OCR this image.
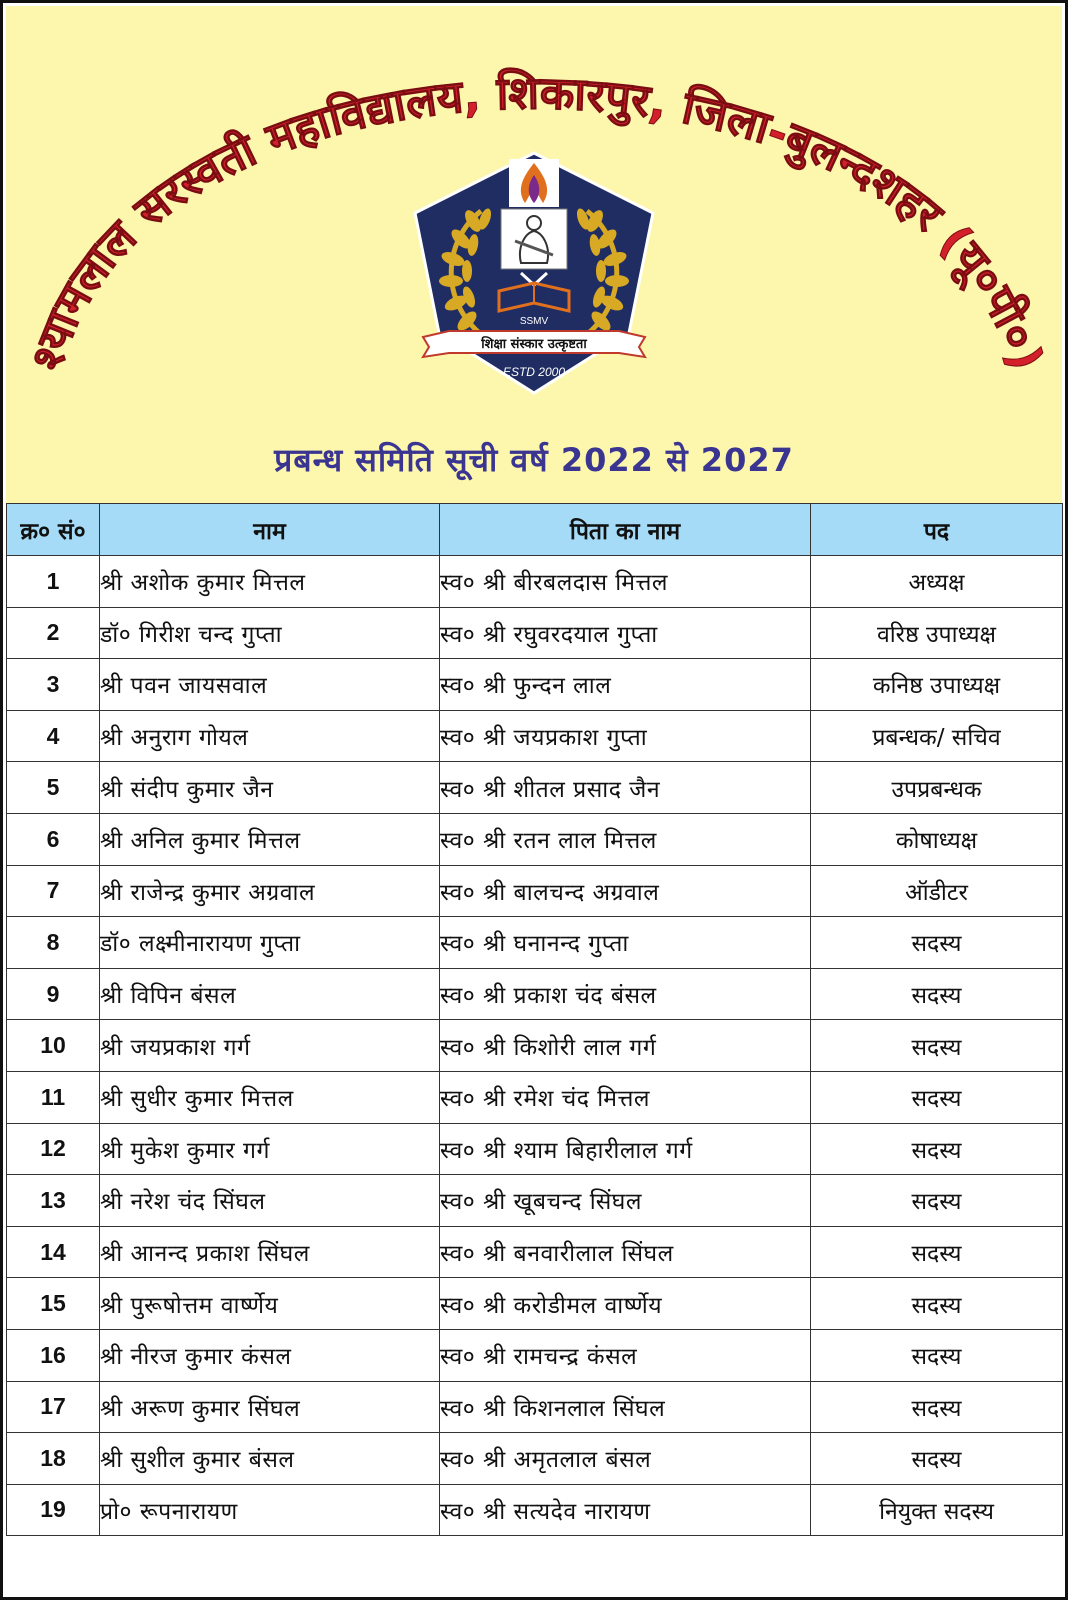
श्यामलाल सरस्वती महाविद्यालय, शिकारपुर, जिला-बुलन्दशहर (यू०पी०)
SSMV
शिक्षा संस्कार उत्कृष्टता
ESTD 2000
प्रबन्ध समिति सूची वर्ष 2022 से 2027
क्र० सं०	नाम	पिता का नाम	पद
1	श्री अशोक कुमार मित्तल	स्व० श्री बीरबलदास मित्तल	अध्यक्ष
2	डॉ० गिरीश चन्द गुप्ता	स्व० श्री रघुवरदयाल गुप्ता	वरिष्ठ उपाध्यक्ष
3	श्री पवन जायसवाल	स्व० श्री फुन्दन लाल	कनिष्ठ उपाध्यक्ष
4	श्री अनुराग गोयल	स्व० श्री जयप्रकाश गुप्ता	प्रबन्धक/ सचिव
5	श्री संदीप कुमार जैन	स्व० श्री शीतल प्रसाद जैन	उपप्रबन्धक
6	श्री अनिल कुमार मित्तल	स्व० श्री रतन लाल मित्तल	कोषाध्यक्ष
7	श्री राजेन्द्र कुमार अग्रवाल	स्व० श्री बालचन्द अग्रवाल	ऑडीटर
8	डॉ० लक्ष्मीनारायण गुप्ता	स्व० श्री घनानन्द गुप्ता	सदस्य
9	श्री विपिन बंसल	स्व० श्री प्रकाश चंद बंसल	सदस्य
10	श्री जयप्रकाश गर्ग	स्व० श्री किशोरी लाल गर्ग	सदस्य
11	श्री सुधीर कुमार मित्तल	स्व० श्री रमेश चंद मित्तल	सदस्य
12	श्री मुकेश कुमार गर्ग	स्व० श्री श्याम बिहारीलाल गर्ग	सदस्य
13	श्री नरेश चंद सिंघल	स्व० श्री खूबचन्द सिंघल	सदस्य
14	श्री आनन्द प्रकाश सिंघल	स्व० श्री बनवारीलाल सिंघल	सदस्य
15	श्री पुरूषोत्तम वार्ष्णेय	स्व० श्री करोडीमल वार्ष्णेय	सदस्य
16	श्री नीरज कुमार कंसल	स्व० श्री रामचन्द्र कंसल	सदस्य
17	श्री अरूण कुमार सिंघल	स्व० श्री किशनलाल सिंघल	सदस्य
18	श्री सुशील कुमार बंसल	स्व० श्री अमृतलाल बंसल	सदस्य
19	प्रो० रूपनारायण	स्व० श्री सत्यदेव नारायण	नियुक्त सदस्य
